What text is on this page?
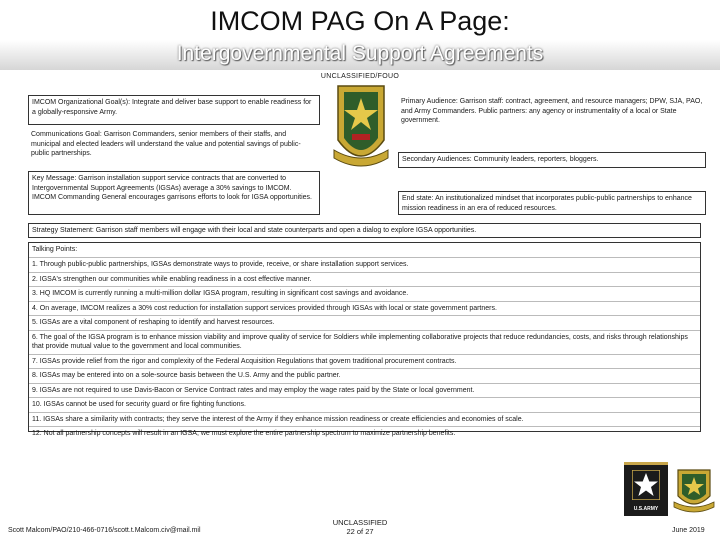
IMCOM PAG On A Page:
Intergovernmental Support Agreements
UNCLASSIFIED/FOUO
IMCOM Organizational Goal(s): Integrate and deliver base support to enable readiness for a globally-responsive Army.
Communications Goal: Garrison Commanders, senior members of their staffs, and municipal and elected leaders will understand the value and potential savings of public-public partnerships.
Key Message: Garrison installation support service contracts that are converted to Intergovernmental Support Agreements (IGSAs) average a 30% savings to IMCOM. IMCOM Commanding General encourages garrisons efforts to look for IGSA opportunities.
Primary Audience: Garrison staff: contract, agreement, and resource managers; DPW, SJA, PAO, and Army Commanders. Public partners: any agency or instrumentality of a local or State government.
Secondary Audiences: Community leaders, reporters, bloggers.
End state: An institutionalized mindset that incorporates public-public partnerships to enhance mission readiness in an era of reduced resources.
Strategy Statement: Garrison staff members will engage with their local and state counterparts and open a dialog to explore IGSA opportunities.
Talking Points:
1. Through public-public partnerships, IGSAs demonstrate ways to provide, receive, or share installation support services.
2. IGSA's strengthen our communities while enabling readiness in a cost effective manner.
3. HQ IMCOM is currently running a multi-million dollar IGSA program, resulting in significant cost savings and avoidance.
4. On average, IMCOM realizes a 30% cost reduction for installation support services provided through IGSAs with local or state government partners.
5. IGSAs are a vital component of reshaping to identify and harvest resources.
6. The goal of the IGSA program is to enhance mission viability and improve quality of service for Soldiers while implementing collaborative projects that reduce redundancies, costs, and risks through relationships that provide mutual value to the government and local communities.
7. IGSAs provide relief from the rigor and complexity of the Federal Acquisition Regulations that govern traditional procurement contracts.
8. IGSAs may be entered into on a sole-source basis between the U.S. Army and the public partner.
9. IGSAs are not required to use Davis-Bacon or Service Contract rates and may employ the wage rates paid by the State or local government.
10. IGSAs cannot be used for security guard or fire fighting functions.
11. IGSAs share a similarity with contracts; they serve the interest of the Army if they enhance mission readiness or create efficiencies and economies of scale.
12. Not all partnership concepts will result in an IGSA; we must explore the entire partnership spectrum to maximize partnership benefits.
U.S.ARMY
Scott Malcom/PAO/210-466-0716/scott.t.Malcom.civ@mail.mil
UNCLASSIFIED
22 of 27	June 2019
